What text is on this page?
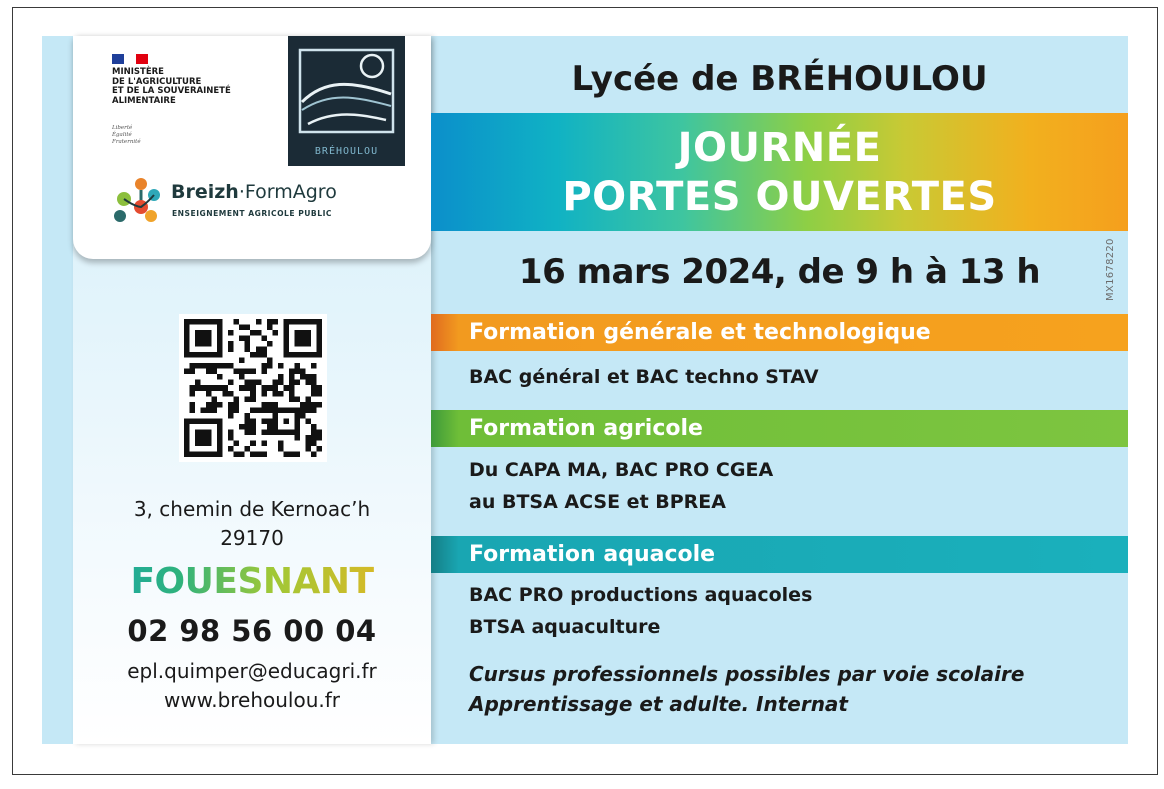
MINISTÈRE
DE L'AGRICULTURE
ET DE LA SOUVERAINETÉ
ALIMENTAIRE
Liberté
Égalité
Fraternité
BRÉHOULOU
Breizh·FormAgro
ENSEIGNEMENT AGRICOLE PUBLIC
3, chemin de Kernoac’h
29170
FOUESNANT
02 98 56 00 04
epl.quimper@educagri.fr
www.brehoulou.fr
Lycée de BRÉHOULOU
JOURNÉE
PORTES OUVERTES
16 mars 2024, de 9 h à 13 h	MX1678220
Formation générale et technologique
BAC général et BAC techno STAV
Formation agricole
Du CAPA MA, BAC PRO CGEA
au BTSA ACSE et BPREA
Formation aquacole
BAC PRO productions aquacoles
BTSA aquaculture
Cursus professionnels possibles par voie scolaire
Apprentissage et adulte. Internat
